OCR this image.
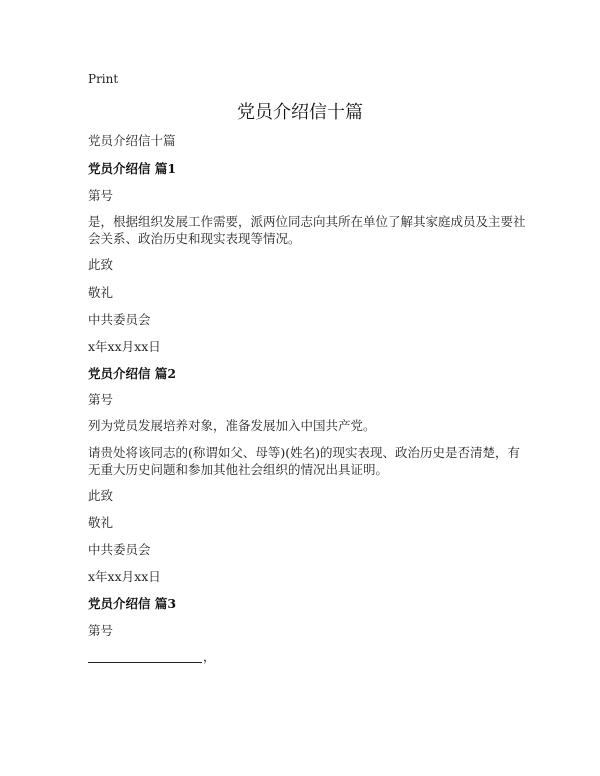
Print
党员介绍信十篇

党员介绍信十篇

党员介绍信 篇1

第号

是，根据组织发展工作需要，派两位同志向其所在单位了解其家庭成员及主要社会关系、政治历史和现实表现等情况。

此致

敬礼

中共委员会

x年xx月xx日

党员介绍信 篇2

第号

列为党员发展培养对象，准备发展加入中国共产党。

请贵处将该同志的(称谓如父、母等)(姓名)的现实表现、政治历史是否清楚，有无重大历史问题和参加其他社会组织的情况出具证明。

此致

敬礼

中共委员会

x年xx月xx日

党员介绍信 篇3

第号

，
